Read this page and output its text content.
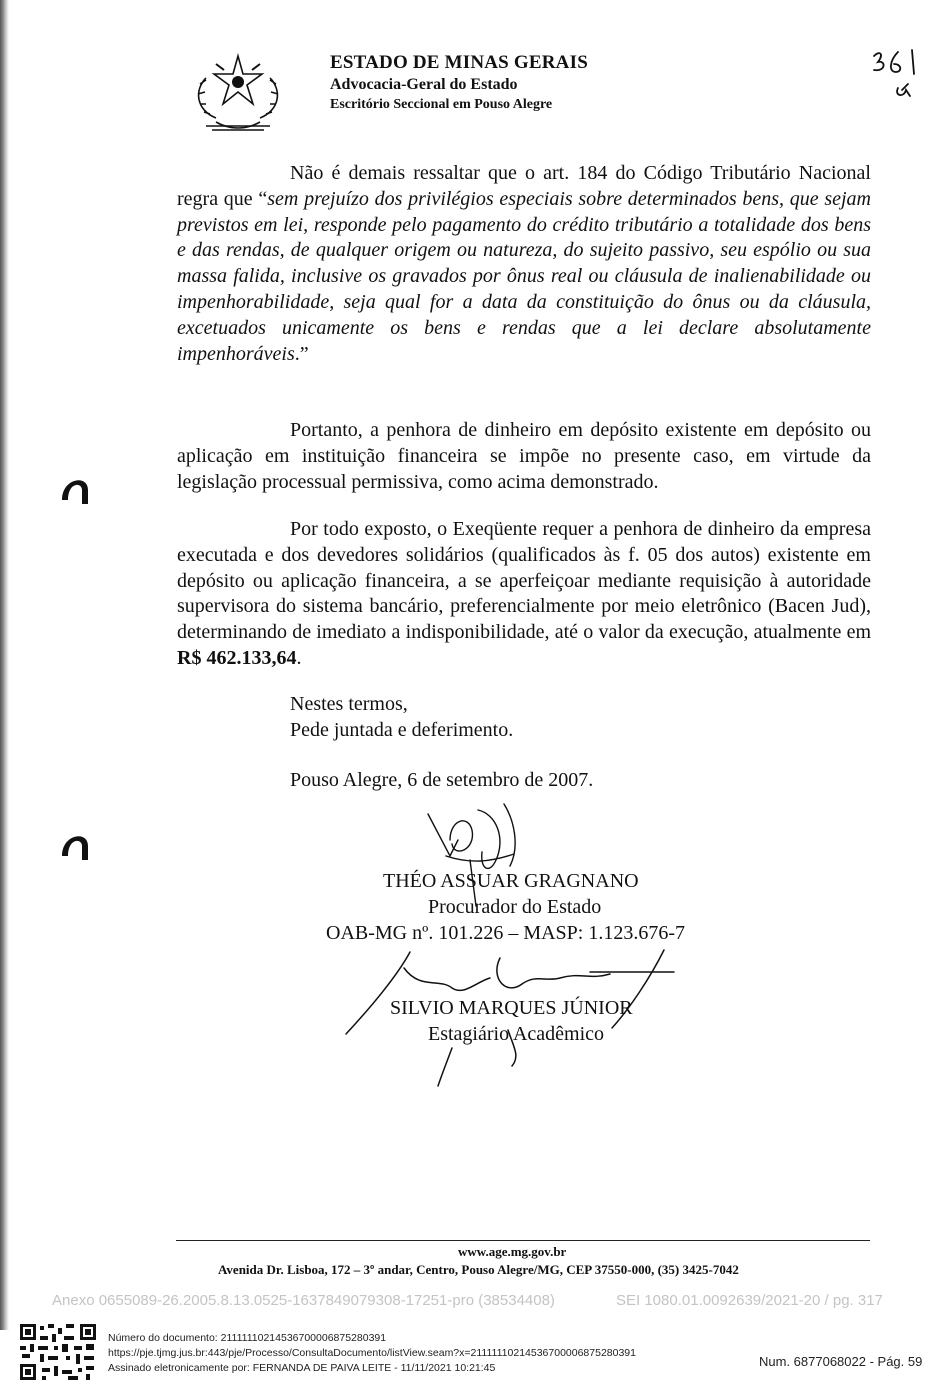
ESTADO DE MINAS GERAIS
Advocacia-Geral do Estado
Escritório Seccional em Pouso Alegre
Não é demais ressaltar que o art. 184 do Código Tributário Nacional regra que “sem prejuízo dos privilégios especiais sobre determinados bens, que sejam previstos em lei, responde pelo pagamento do crédito tributário a totalidade dos bens e das rendas, de qualquer origem ou natureza, do sujeito passivo, seu espólio ou sua massa falida, inclusive os gravados por ônus real ou cláusula de inalienabilidade ou impenhorabilidade, seja qual for a data da constituição do ônus ou da cláusula, excetuados unicamente os bens e rendas que a lei declare absolutamente impenhoráveis.”
Portanto, a penhora de dinheiro em depósito existente em depósito ou aplicação em instituição financeira se impõe no presente caso, em virtude da legislação processual permissiva, como acima demonstrado.
Por todo exposto, o Exeqüente requer a penhora de dinheiro da empresa executada e dos devedores solidários (qualificados às f. 05 dos autos) existente em depósito ou aplicação financeira, a se aperfeiçoar mediante requisição à autoridade supervisora do sistema bancário, preferencialmente por meio eletrônico (Bacen Jud), determinando de imediato a indisponibilidade, até o valor da execução, atualmente em R$ 462.133,64.
Nestes termos,
Pede juntada e deferimento.
Pouso Alegre, 6 de setembro de 2007.
THÉO ASSUAR GRAGNANO
Procurador do Estado
OAB-MG nº. 101.226 – MASP: 1.123.676-7
SILVIO MARQUES JÚNIOR
Estagiário Acadêmico
www.age.mg.gov.br
Avenida Dr. Lisboa, 172 – 3º andar, Centro, Pouso Alegre/MG, CEP 37550-000, (35) 3425-7042
Anexo 0655089-26.2005.8.13.0525-1637849079308-17251-pro (38534408)	SEI 1080.01.0092639/2021-20 / pg. 317
Número do documento: 21111110214536700006875280391
https://pje.tjmg.jus.br:443/pje/Processo/ConsultaDocumento/listView.seam?x=21111110214536700006875280391
Assinado eletronicamente por: FERNANDA DE PAIVA LEITE - 11/11/2021 10:21:45	Num. 6877068022 - Pág. 59
